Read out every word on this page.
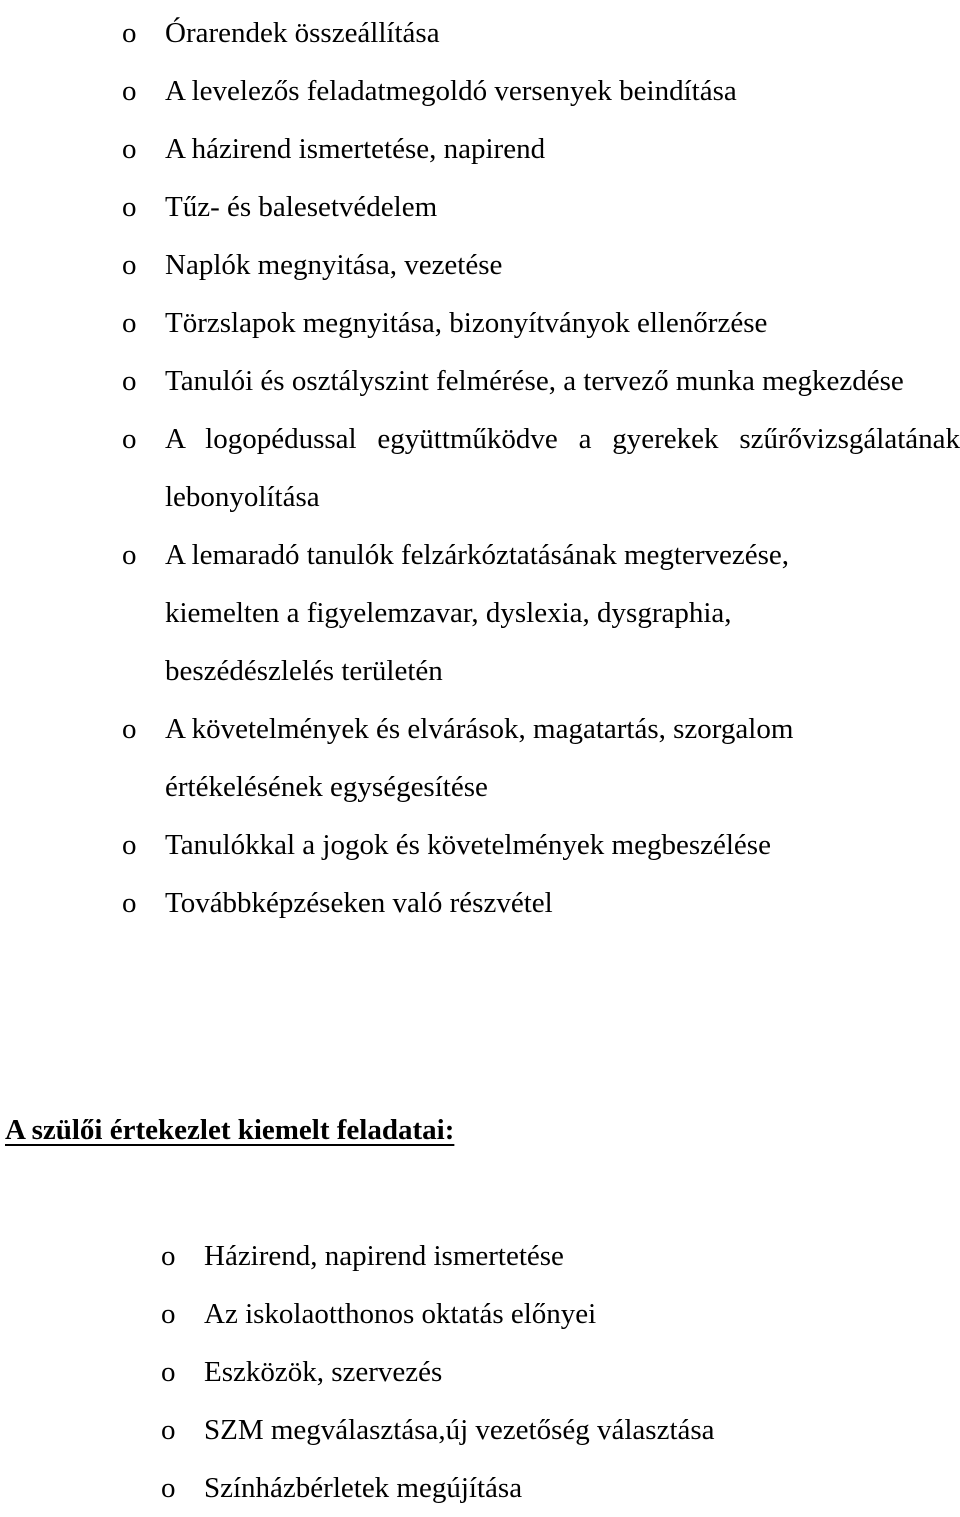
o Órarendek összeállítása
o A levelezős feladatmegoldó versenyek beindítása
o A házirend ismertetése, napirend
o Tűz- és balesetvédelem
o Naplók megnyitása, vezetése
o Törzslapok megnyitása, bizonyítványok ellenőrzése
o Tanulói és osztályszint felmérése, a tervező munka megkezdése
o A logopédussal együttműködve a gyerekek szűrővizsgálatának lebonyolítása
o A lemaradó tanulók felzárkóztatásának megtervezése, kiemelten a figyelemzavar, dyslexia, dysgraphia, beszédészlelés területén
o A követelmények és elvárások, magatartás, szorgalom értékelésének egységesítése
o Tanulókkal a jogok és követelmények megbeszélése
o Továbbképzéseken való részvétel
A szülői értekezlet kiemelt feladatai:
o Házirend, napirend ismertetése
o Az iskolaotthonos oktatás előnyei
o Eszközök, szervezés
o SZM megválasztása,új vezetőség választása
o Színházbérletek megújítása
